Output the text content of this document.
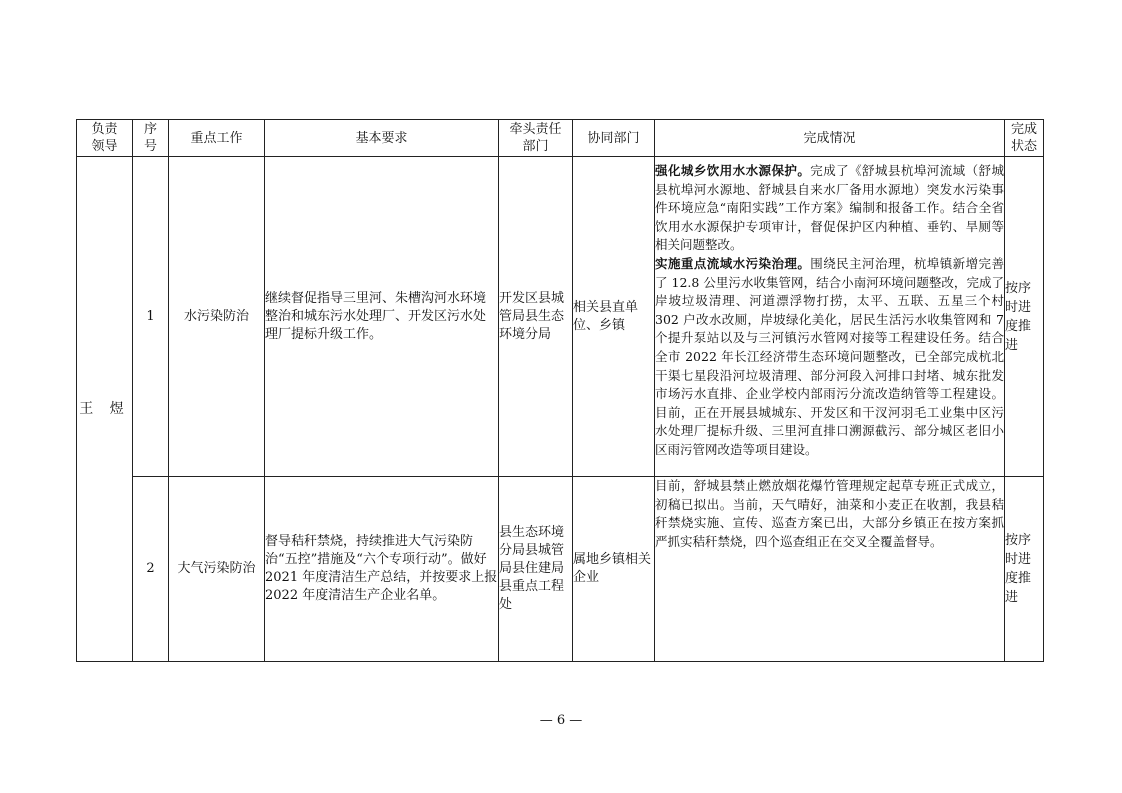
负责领导	序号	重点工作	基本要求	牵头责任部门	协同部门	完成情况	完成状态
王 煜	1	水污染防治	继续督促指导三里河、朱槽沟河水环境整治和城东污水处理厂、开发区污水处理厂提标升级工作。	开发区县城管局县生态环境分局	相关县直单位、乡镇	强化城乡饮用水水源保护。完成了《舒城县杭埠河流域（舒城县杭埠河水源地、舒城县自来水厂备用水源地）突发水污染事件环境应急“南阳实践”工作方案》编制和报备工作。结合全省饮用水水源保护专项审计，督促保护区内种植、垂钓、旱厕等相关问题整改。

实施重点流域水污染治理。围绕民主河治理，杭埠镇新增完善了 12.8 公里污水收集管网，结合小南河环境问题整改，完成了岸坡垃圾清理、河道漂浮物打捞，太平、五联、五星三个村 302 户改水改厕，岸坡绿化美化，居民生活污水收集管网和 7 个提升泵站以及与三河镇污水管网对接等工程建设任务。结合全市 2022 年长江经济带生态环境问题整改，已全部完成杭北干渠七星段沿河垃圾清理、部分河段入河排口封堵、城东批发市场污水直排、企业学校内部雨污分流改造纳管等工程建设。目前，正在开展县城城东、开发区和干汊河羽毛工业集中区污水处理厂提标升级、三里河直排口溯源截污、部分城区老旧小区雨污管网改造等项目建设。	按序时进度推进

	2	大气污染防治	督导秸秆禁烧，持续推进大气污染防治“五控”措施及“六个专项行动”。做好 2021 年度清洁生产总结，并按要求上报 2022 年度清洁生产企业名单。	县生态环境分局县城管局县住建局县重点工程处	属地乡镇相关企业	目前，舒城县禁止燃放烟花爆竹管理规定起草专班正式成立，初稿已拟出。当前，天气晴好，油菜和小麦正在收割，我县秸秆禁烧实施、宣传、巡查方案已出，大部分乡镇正在按方案抓严抓实秸秆禁烧，四个巡查组正在交叉全覆盖督导。	按序时进度推进
— 6 —
